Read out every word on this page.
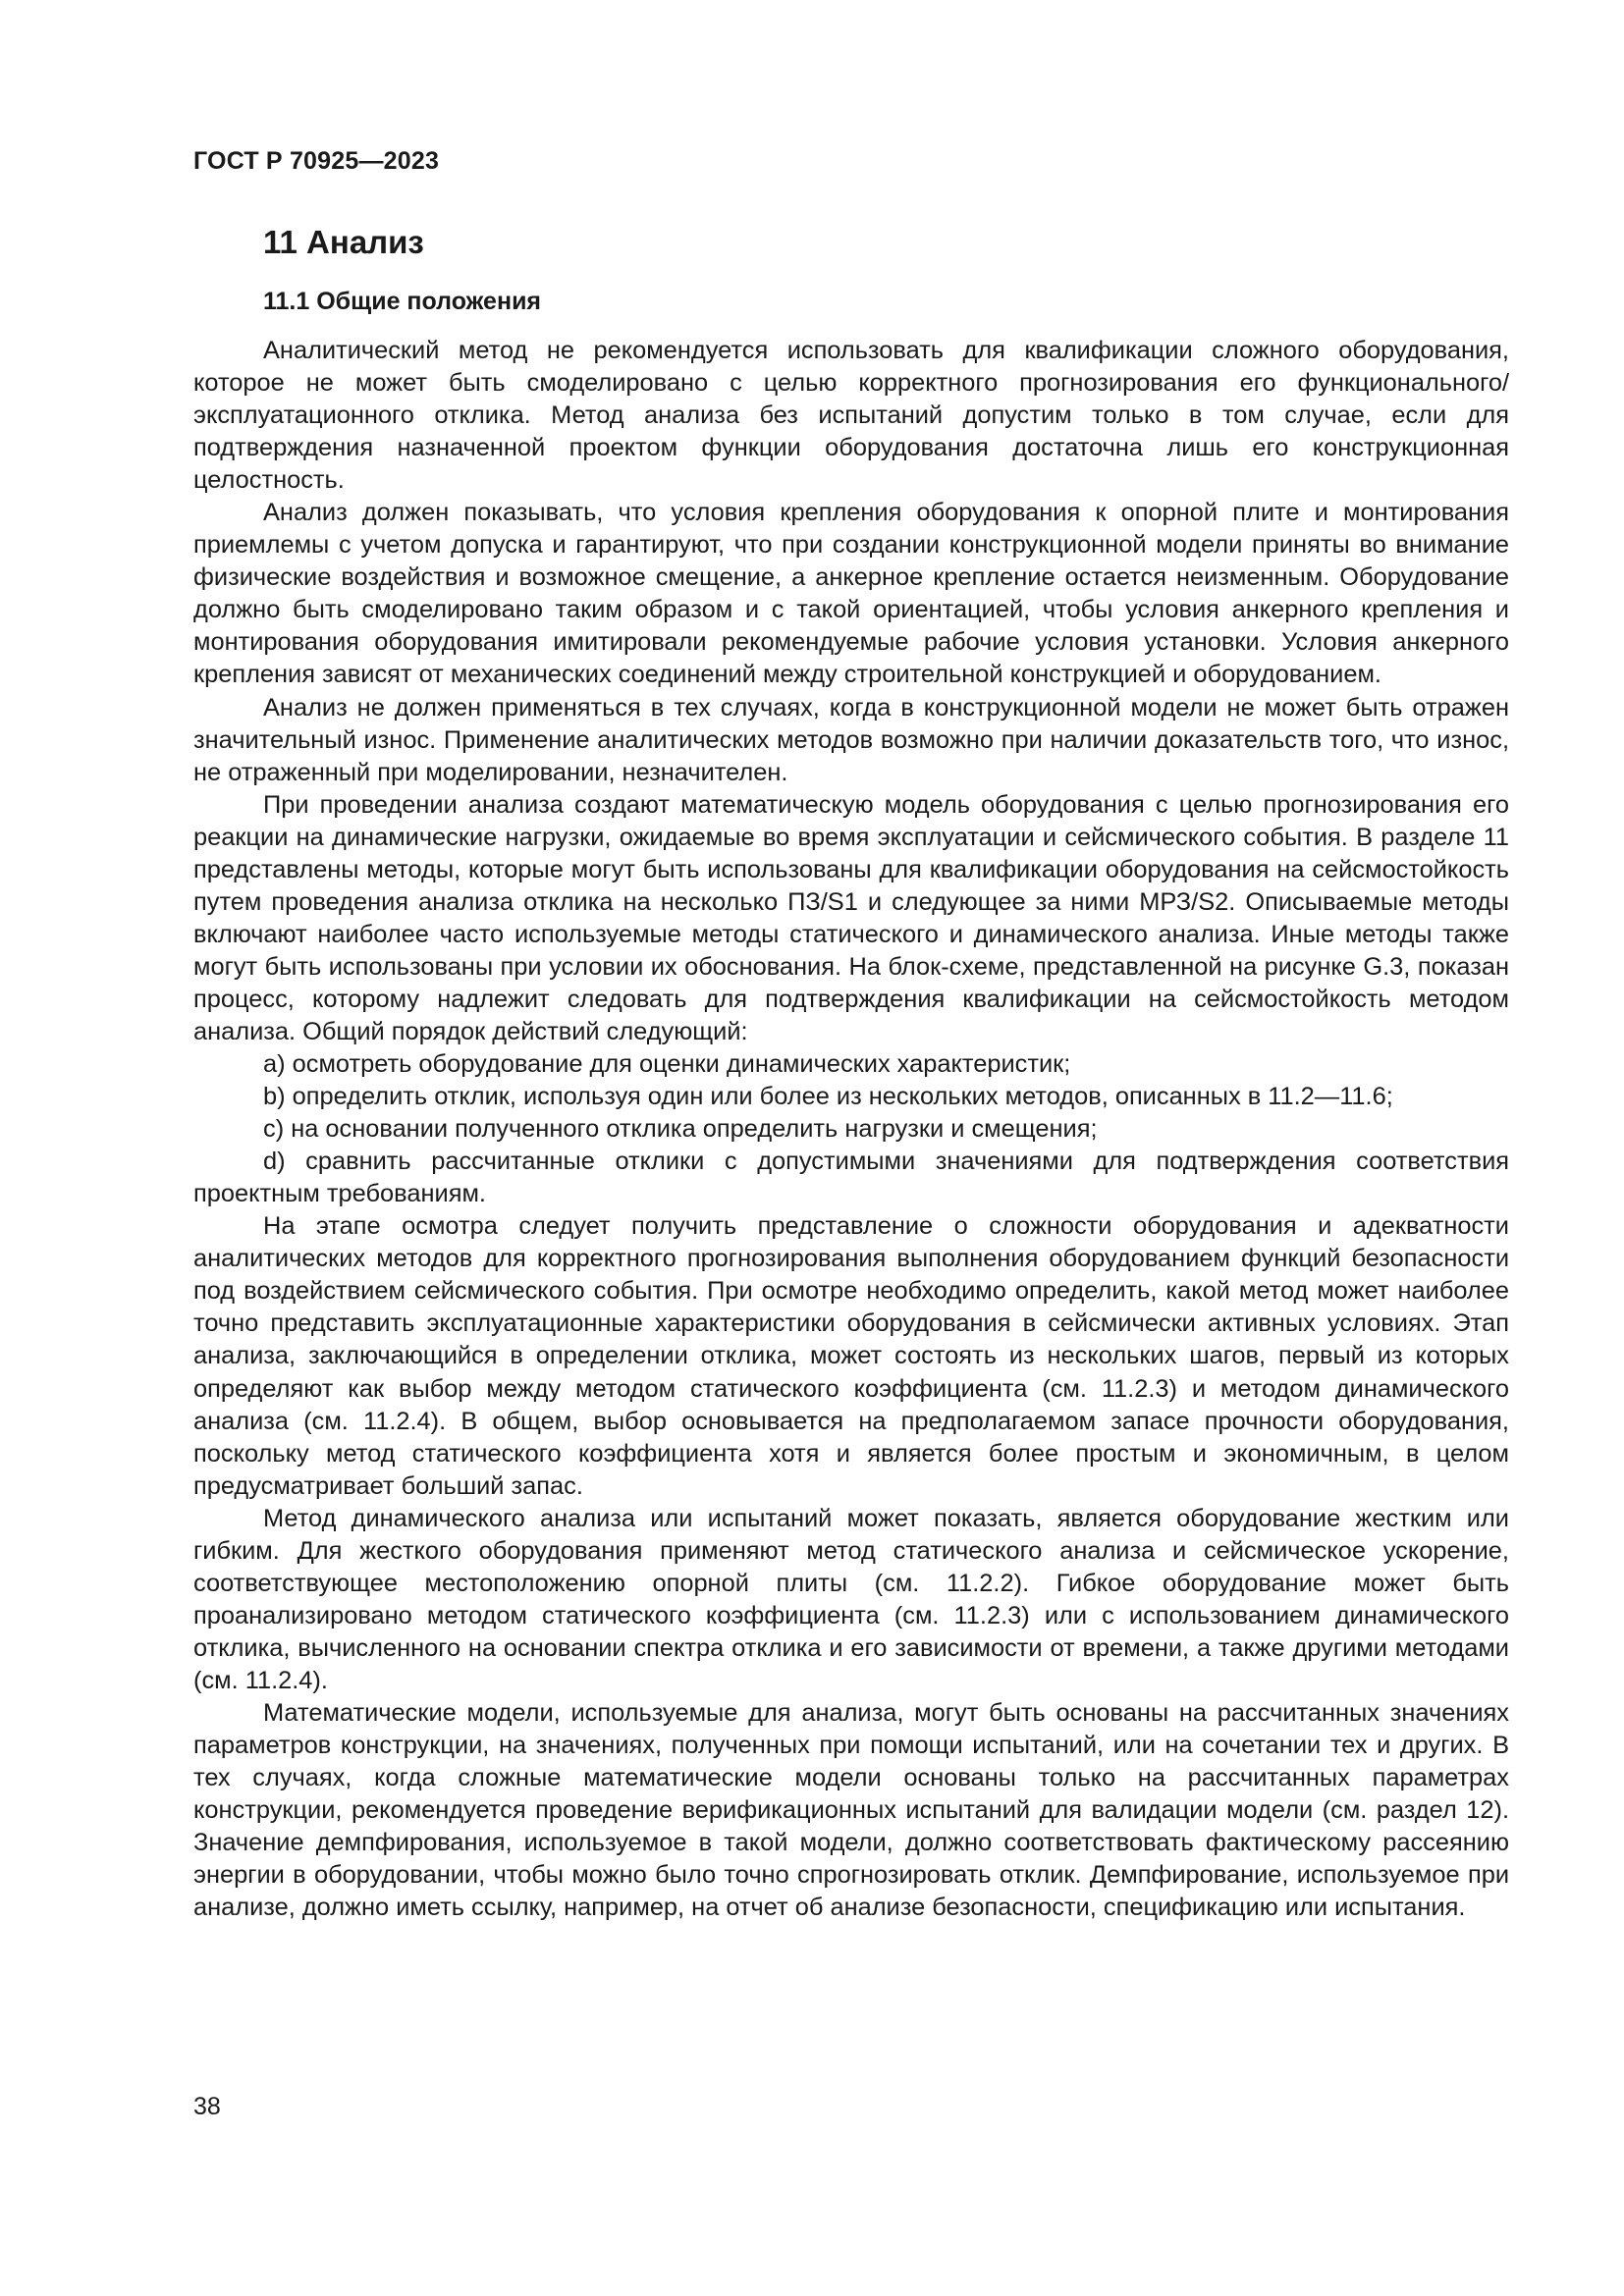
ГОСТ Р 70925—2023
11 Анализ
11.1 Общие положения

Аналитический метод не рекомендуется использовать для квалификации сложного оборудования, которое не может быть смоделировано с целью корректного прогнозирования его функционального/ эксплуатационного отклика. Метод анализа без испытаний допустим только в том случае, если для подтверждения назначенной проектом функции оборудования достаточна лишь его конструкционная целостность.

Анализ должен показывать, что условия крепления оборудования к опорной плите и монтирования приемлемы с учетом допуска и гарантируют, что при создании конструкционной модели приняты во внимание физические воздействия и возможное смещение, а анкерное крепление остается неизменным. Оборудование должно быть смоделировано таким образом и с такой ориентацией, чтобы условия анкерного крепления и монтирования оборудования имитировали рекомендуемые рабочие условия установки. Условия анкерного крепления зависят от механических соединений между строительной конструкцией и оборудованием.

Анализ не должен применяться в тех случаях, когда в конструкционной модели не может быть отражен значительный износ. Применение аналитических методов возможно при наличии доказательств того, что износ, не отраженный при моделировании, незначителен.

При проведении анализа создают математическую модель оборудования с целью прогнозирования его реакции на динамические нагрузки, ожидаемые во время эксплуатации и сейсмического события. В разделе 11 представлены методы, которые могут быть использованы для квалификации оборудования на сейсмостойкость путем проведения анализа отклика на несколько ПЗ/S1 и следующее за ними МРЗ/S2. Описываемые методы включают наиболее часто используемые методы статического и динамического анализа. Иные методы также могут быть использованы при условии их обоснования. На блок-схеме, представленной на рисунке G.3, показан процесс, которому надлежит следовать для подтверждения квалификации на сейсмостойкость методом анализа. Общий порядок действий следующий:

a) осмотреть оборудование для оценки динамических характеристик;

b) определить отклик, используя один или более из нескольких методов, описанных в 11.2—11.6;

c) на основании полученного отклика определить нагрузки и смещения;

d) сравнить рассчитанные отклики с допустимыми значениями для подтверждения соответствия проектным требованиям.

На этапе осмотра следует получить представление о сложности оборудования и адекватности аналитических методов для корректного прогнозирования выполнения оборудованием функций безопасности под воздействием сейсмического события. При осмотре необходимо определить, какой метод может наиболее точно представить эксплуатационные характеристики оборудования в сейсмически активных условиях. Этап анализа, заключающийся в определении отклика, может состоять из нескольких шагов, первый из которых определяют как выбор между методом статического коэффициента (см. 11.2.3) и методом динамического анализа (см. 11.2.4). В общем, выбор основывается на предполагаемом запасе прочности оборудования, поскольку метод статического коэффициента хотя и является более простым и экономичным, в целом предусматривает больший запас.

Метод динамического анализа или испытаний может показать, является оборудование жестким или гибким. Для жесткого оборудования применяют метод статического анализа и сейсмическое ускорение, соответствующее местоположению опорной плиты (см. 11.2.2). Гибкое оборудование может быть проанализировано методом статического коэффициента (см. 11.2.3) или с использованием динамического отклика, вычисленного на основании спектра отклика и его зависимости от времени, а также другими методами (см. 11.2.4).

Математические модели, используемые для анализа, могут быть основаны на рассчитанных значениях параметров конструкции, на значениях, полученных при помощи испытаний, или на сочетании тех и других. В тех случаях, когда сложные математические модели основаны только на рассчитанных параметрах конструкции, рекомендуется проведение верификационных испытаний для валидации модели (см. раздел 12). Значение демпфирования, используемое в такой модели, должно соответствовать фактическому рассеянию энергии в оборудовании, чтобы можно было точно спрогнозировать отклик. Демпфирование, используемое при анализе, должно иметь ссылку, например, на отчет об анализе безопасности, спецификацию или испытания.

38
